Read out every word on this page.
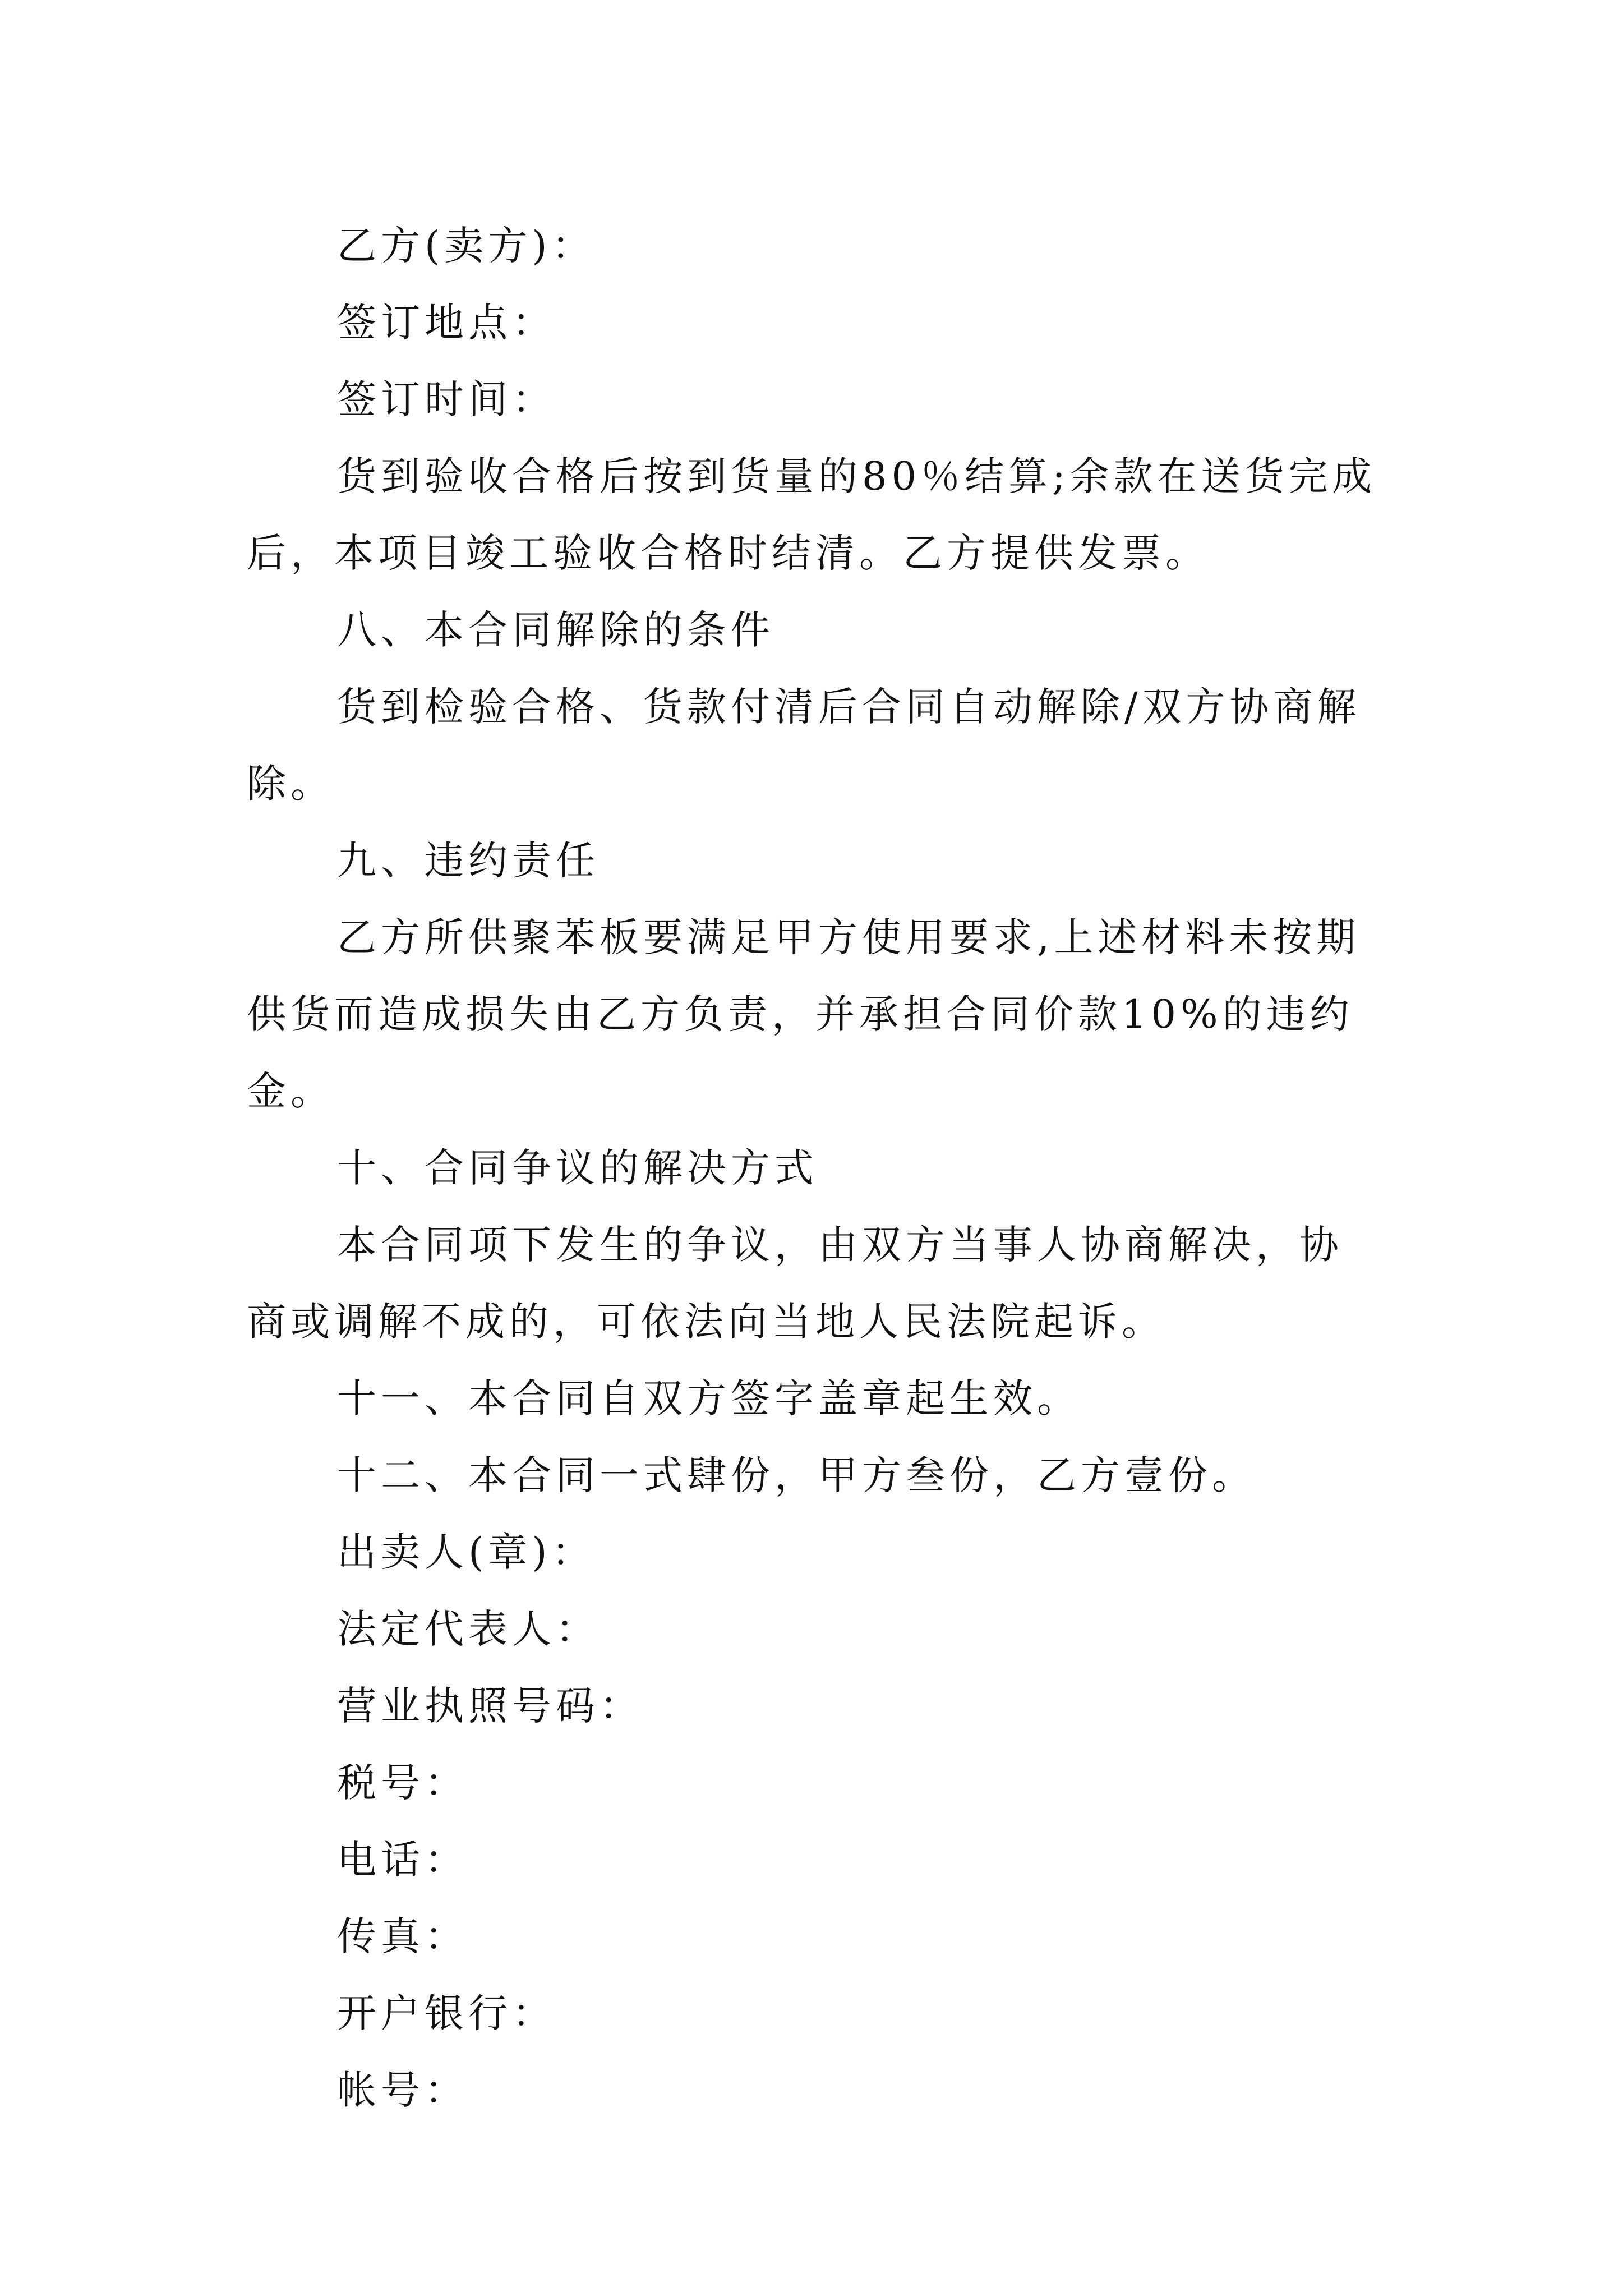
乙方(卖方)：

签订地点：

签订时间：

货到验收合格后按到货量的80％结算;余款在送货完成后，本项目竣工验收合格时结清。乙方提供发票。

八、本合同解除的条件

货到检验合格、货款付清后合同自动解除/双方协商解除。

九、违约责任

乙方所供聚苯板要满足甲方使用要求,上述材料未按期供货而造成损失由乙方负责，并承担合同价款10%的违约金。

十、合同争议的解决方式

本合同项下发生的争议，由双方当事人协商解决，协商或调解不成的，可依法向当地人民法院起诉。

十一、本合同自双方签字盖章起生效。

十二、本合同一式肆份，甲方叁份，乙方壹份。

出卖人(章)：

法定代表人：

营业执照号码：

税号：

电话：

传真：

开户银行：

帐号：
